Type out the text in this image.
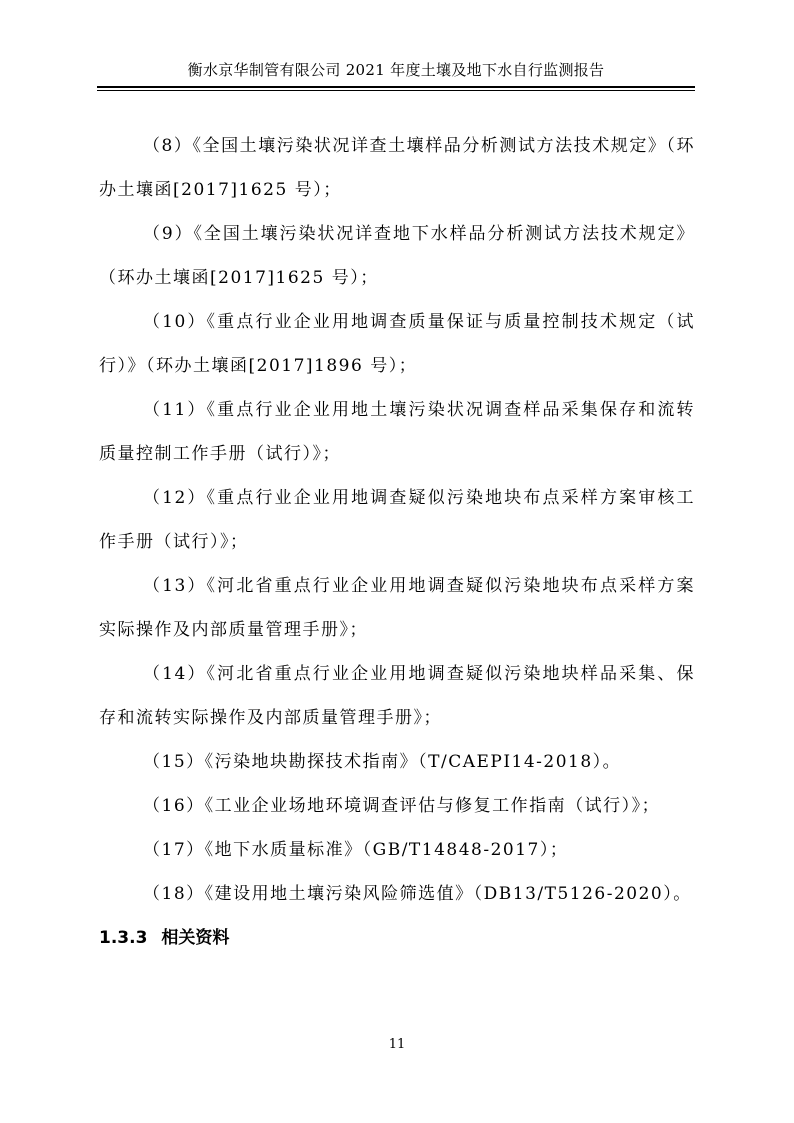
衡水京华制管有限公司 2021 年度土壤及地下水自行监测报告

（8）《全国土壤污染状况详查土壤样品分析测试方法技术规定》（环办土壤函[2017]1625 号）；

（9）《全国土壤污染状况详查地下水样品分析测试方法技术规定》（环办土壤函[2017]1625 号）；

（10）《重点行业企业用地调查质量保证与质量控制技术规定（试行）》（环办土壤函[2017]1896 号）；

（11）《重点行业企业用地土壤污染状况调查样品采集保存和流转质量控制工作手册（试行）》；

（12）《重点行业企业用地调查疑似污染地块布点采样方案审核工作手册（试行）》；

（13）《河北省重点行业企业用地调查疑似污染地块布点采样方案实际操作及内部质量管理手册》；

（14）《河北省重点行业企业用地调查疑似污染地块样品采集、保存和流转实际操作及内部质量管理手册》；

（15）《污染地块勘探技术指南》（T/CAEPI14-2018）。

（16）《工业企业场地环境调查评估与修复工作指南（试行）》；

（17）《地下水质量标准》（GB/T14848-2017）；

（18）《建设用地土壤污染风险筛选值》（DB13/T5126-2020）。

1.3.3 相关资料
11
